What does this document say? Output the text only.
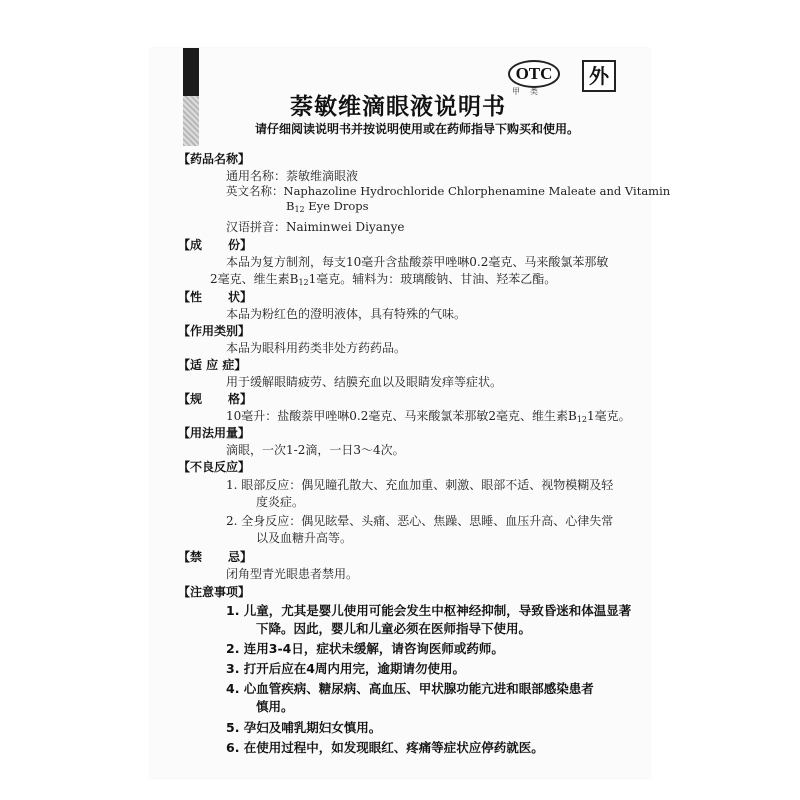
OTC
甲类
外
萘敏维滴眼液说明书
请仔细阅读说明书并按说明使用或在药师指导下购买和使用。
【药品名称】
通用名称：萘敏维滴眼液
英文名称：Naphazoline Hydrochloride Chlorphenamine Maleate and Vitamin
$B_{12}$ Eye Drops
汉语拼音：Naiminwei Diyanye
【成 份】
本品为复方制剂，每支10毫升含盐酸萘甲唑啉0.2毫克、马来酸氯苯那敏
2毫克、维生素$B_{12}1$毫克。辅料为：玻璃酸钠、甘油、羟苯乙酯。
【性 状】
本品为粉红色的澄明液体，具有特殊的气味。
【作用类别】
本品为眼科用药类非处方药药品。
【适 应 症】
用于缓解眼睛疲劳、结膜充血以及眼睛发痒等症状。
【规 格】
10毫升：盐酸萘甲唑啉0.2毫克、马来酸氯苯那敏2毫克、维生素$B_{12}1$毫克。
【用法用量】
滴眼，一次1-2滴，一日3～4次。
【不良反应】
1. 眼部反应：偶见瞳孔散大、充血加重、刺激、眼部不适、视物模糊及轻
度炎症。
2. 全身反应：偶见眩晕、头痛、恶心、焦躁、思睡、血压升高、心律失常
以及血糖升高等。
【禁 忌】
闭角型青光眼患者禁用。
【注意事项】
1. 儿童，尤其是婴儿使用可能会发生中枢神经抑制，导致昏迷和体温显著
下降。因此，婴儿和儿童必须在医师指导下使用。
2. 连用3-4日，症状未缓解，请咨询医师或药师。
3. 打开后应在4周内用完，逾期请勿使用。
4. 心血管疾病、糖尿病、高血压、甲状腺功能亢进和眼部感染患者
慎用。
5. 孕妇及哺乳期妇女慎用。
6. 在使用过程中，如发现眼红、疼痛等症状应停药就医。
